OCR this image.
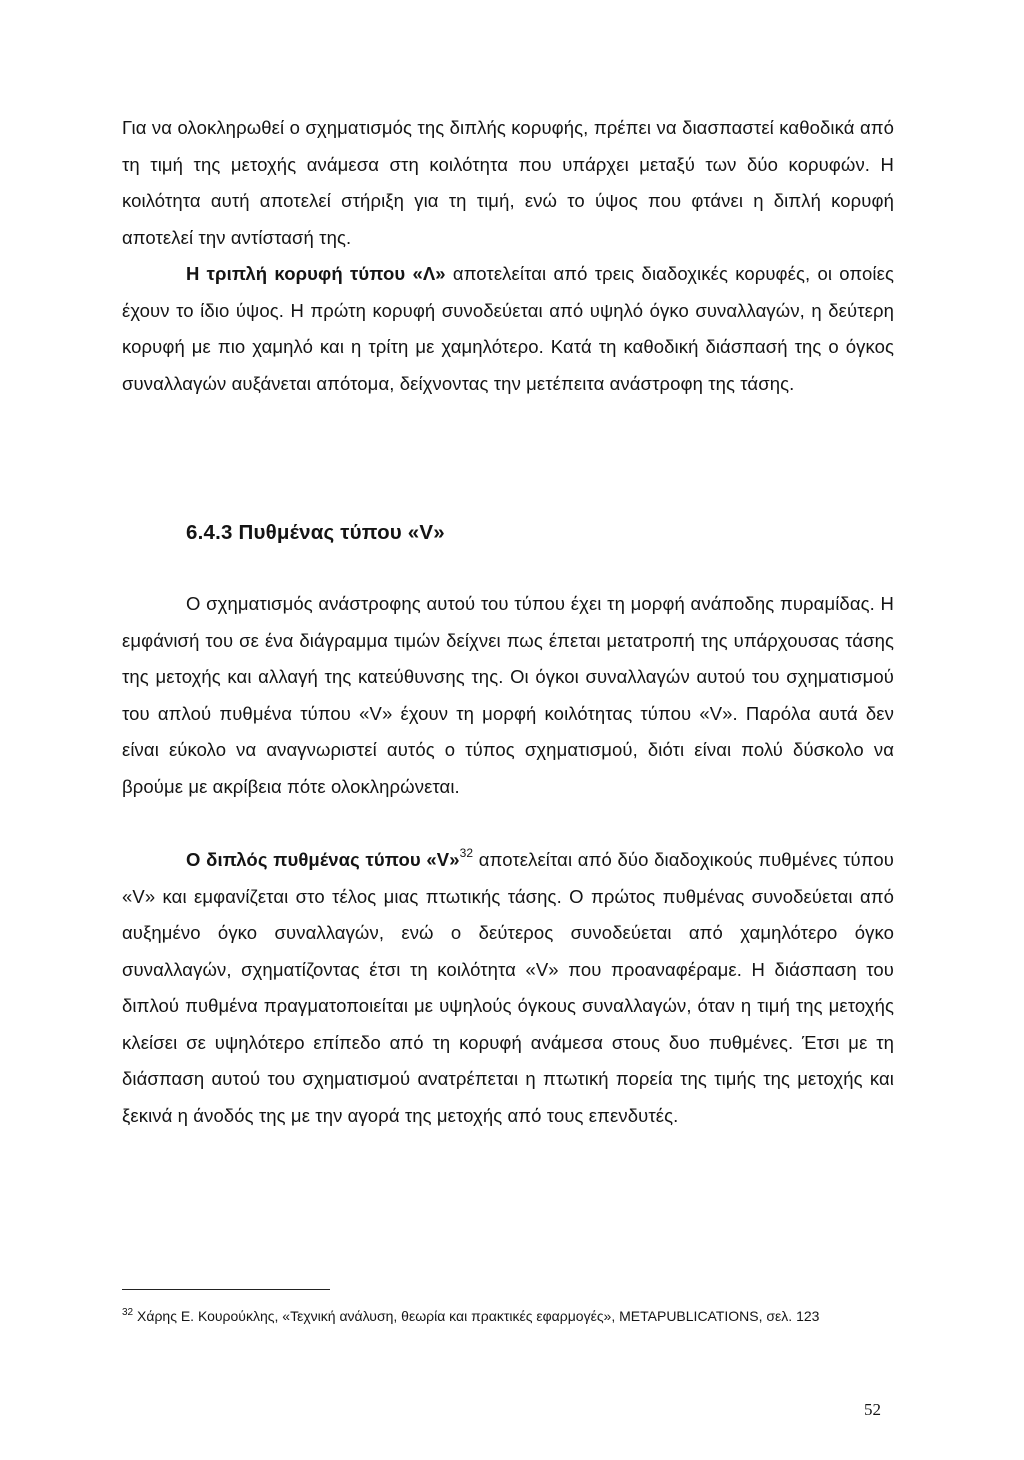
Για να ολοκληρωθεί ο σχηματισμός της διπλής κορυφής, πρέπει να διασπαστεί καθοδικά από τη τιμή της μετοχής ανάμεσα στη κοιλότητα που υπάρχει μεταξύ των δύο κορυφών. Η κοιλότητα αυτή αποτελεί στήριξη για τη τιμή, ενώ το ύψος που φτάνει η διπλή κορυφή αποτελεί την αντίστασή της.

Η τριπλή κορυφή τύπου «Λ» αποτελείται από τρεις διαδοχικές κορυφές, οι οποίες έχουν το ίδιο ύψος. Η πρώτη κορυφή συνοδεύεται από υψηλό όγκο συναλλαγών, η δεύτερη κορυφή με πιο χαμηλό και η τρίτη με χαμηλότερο. Κατά τη καθοδική διάσπασή της ο όγκος συναλλαγών αυξάνεται απότομα, δείχνοντας την μετέπειτα ανάστροφη της τάσης.

6.4.3 Πυθμένας τύπου «V»

Ο σχηματισμός ανάστροφης αυτού του τύπου έχει τη μορφή ανάποδης πυραμίδας. Η εμφάνισή του σε ένα διάγραμμα τιμών δείχνει πως έπεται μετατροπή της υπάρχουσας τάσης της μετοχής και αλλαγή της κατεύθυνσης της. Οι όγκοι συναλλαγών αυτού του σχηματισμού του απλού πυθμένα τύπου «V» έχουν τη μορφή κοιλότητας τύπου «V». Παρόλα αυτά δεν είναι εύκολο να αναγνωριστεί αυτός ο τύπος σχηματισμού, διότι είναι πολύ δύσκολο να βρούμε με ακρίβεια πότε ολοκληρώνεται.

Ο διπλός πυθμένας τύπου «V»$^{32}$ αποτελείται από δύο διαδοχικούς πυθμένες τύπου «V» και εμφανίζεται στο τέλος μιας πτωτικής τάσης. Ο πρώτος πυθμένας συνοδεύεται από αυξημένο όγκο συναλλαγών, ενώ ο δεύτερος συνοδεύεται από χαμηλότερο όγκο συναλλαγών, σχηματίζοντας έτσι τη κοιλότητα «V» που προαναφέραμε. Η διάσπαση του διπλού πυθμένα πραγματοποιείται με υψηλούς όγκους συναλλαγών, όταν η τιμή της μετοχής κλείσει σε υψηλότερο επίπεδο από τη κορυφή ανάμεσα στους δυο πυθμένες. Έτσι με τη διάσπαση αυτού του σχηματισμού ανατρέπεται η πτωτική πορεία της τιμής της μετοχής και ξεκινά η άνοδός της με την αγορά της μετοχής από τους επενδυτές.

$^{32}$ Χάρης Ε. Κουρούκλης, «Τεχνική ανάλυση, θεωρία και πρακτικές εφαρμογές», METAPUBLICATIONS, σελ. 123

52
